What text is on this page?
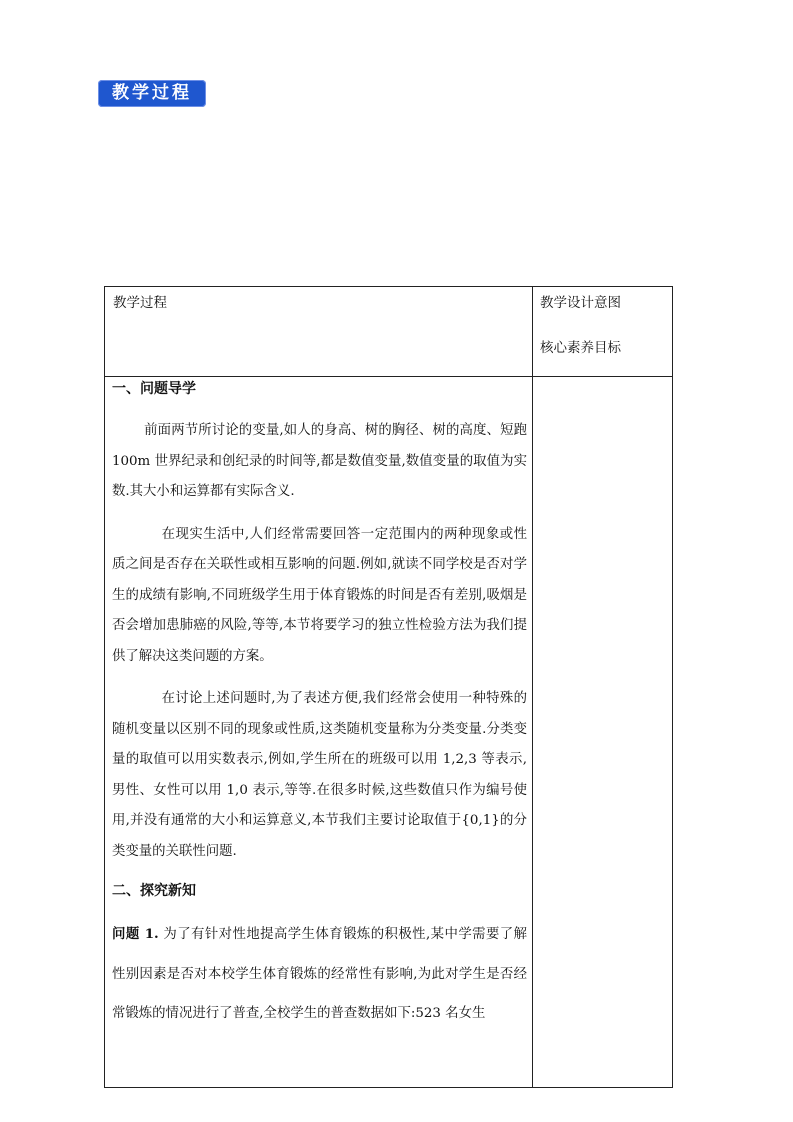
教学过程
教学过程	教学设计意图
核心素养目标

一、问题导学

前面两节所讨论的变量,如人的身高、树的胸径、树的高度、短跑 100m 世界纪录和创纪录的时间等,都是数值变量,数值变量的取值为实数.其大小和运算都有实际含义.

在现实生活中,人们经常需要回答一定范围内的两种现象或性质之间是否存在关联性或相互影响的问题.例如,就读不同学校是否对学生的成绩有影响,不同班级学生用于体育锻炼的时间是否有差别,吸烟是否会增加患肺癌的风险,等等,本节将要学习的独立性检验方法为我们提供了解决这类问题的方案。

在讨论上述问题时,为了表述方便,我们经常会使用一种特殊的随机变量以区别不同的现象或性质,这类随机变量称为分类变量.分类变量的取值可以用实数表示,例如,学生所在的班级可以用 1,2,3 等表示,男性、女性可以用 1,0 表示,等等.在很多时候,这些数值只作为编号使用,并没有通常的大小和运算意义,本节我们主要讨论取值于{0,1}的分类变量的关联性问题.

二、探究新知

问题 1. 为了有针对性地提高学生体育锻炼的积极性,某中学需要了解性别因素是否对本校学生体育锻炼的经常性有影响,为此对学生是否经常锻炼的情况进行了普查,全校学生的普查数据如下:523 名女生
